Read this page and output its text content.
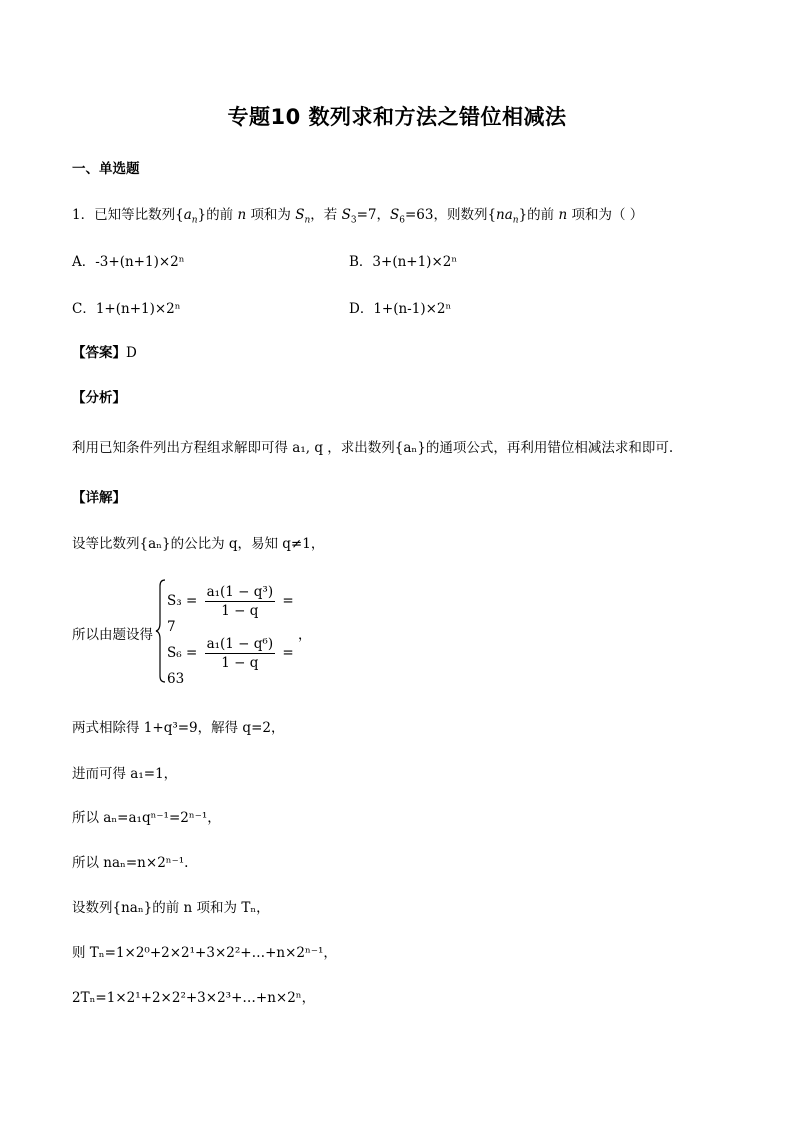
专题10 数列求和方法之错位相减法
一、单选题
1．已知等比数列$\{a_n\}$的前 n 项和为 $S_n$，若 $S_3=7$，$S_6=63$，则数列$\{na_n\}$的前 n 项和为（ ）
A．-3+(n+1)×2ⁿ	B．3+(n+1)×2ⁿ
C．1+(n+1)×2ⁿ	D．1+(n-1)×2ⁿ
【答案】D
【分析】
利用已知条件列出方程组求解即可得 a₁, q ，求出数列{aₙ}的通项公式，再利用错位相减法求和即可.
【详解】
设等比数列{aₙ}的公比为 q，易知 q≠1，
所以由题设得
$S_3 = \frac{\text{a₁(1 − q³)}}{1 - q} = 7$
$S_6 = \frac{\text{a₁(1 − q⁶)}}{1 - q} = 63$
，
两式相除得 1+q³=9，解得 q=2，
进而可得 a₁=1，
所以 aₙ=a₁qⁿ⁻¹=2ⁿ⁻¹，
所以 naₙ=n×2ⁿ⁻¹.
设数列{naₙ}的前 n 项和为 Tₙ，
则 Tₙ=1×2⁰+2×2¹+3×2²+…+n×2ⁿ⁻¹，
2Tₙ=1×2¹+2×2²+3×2³+…+n×2ⁿ，
